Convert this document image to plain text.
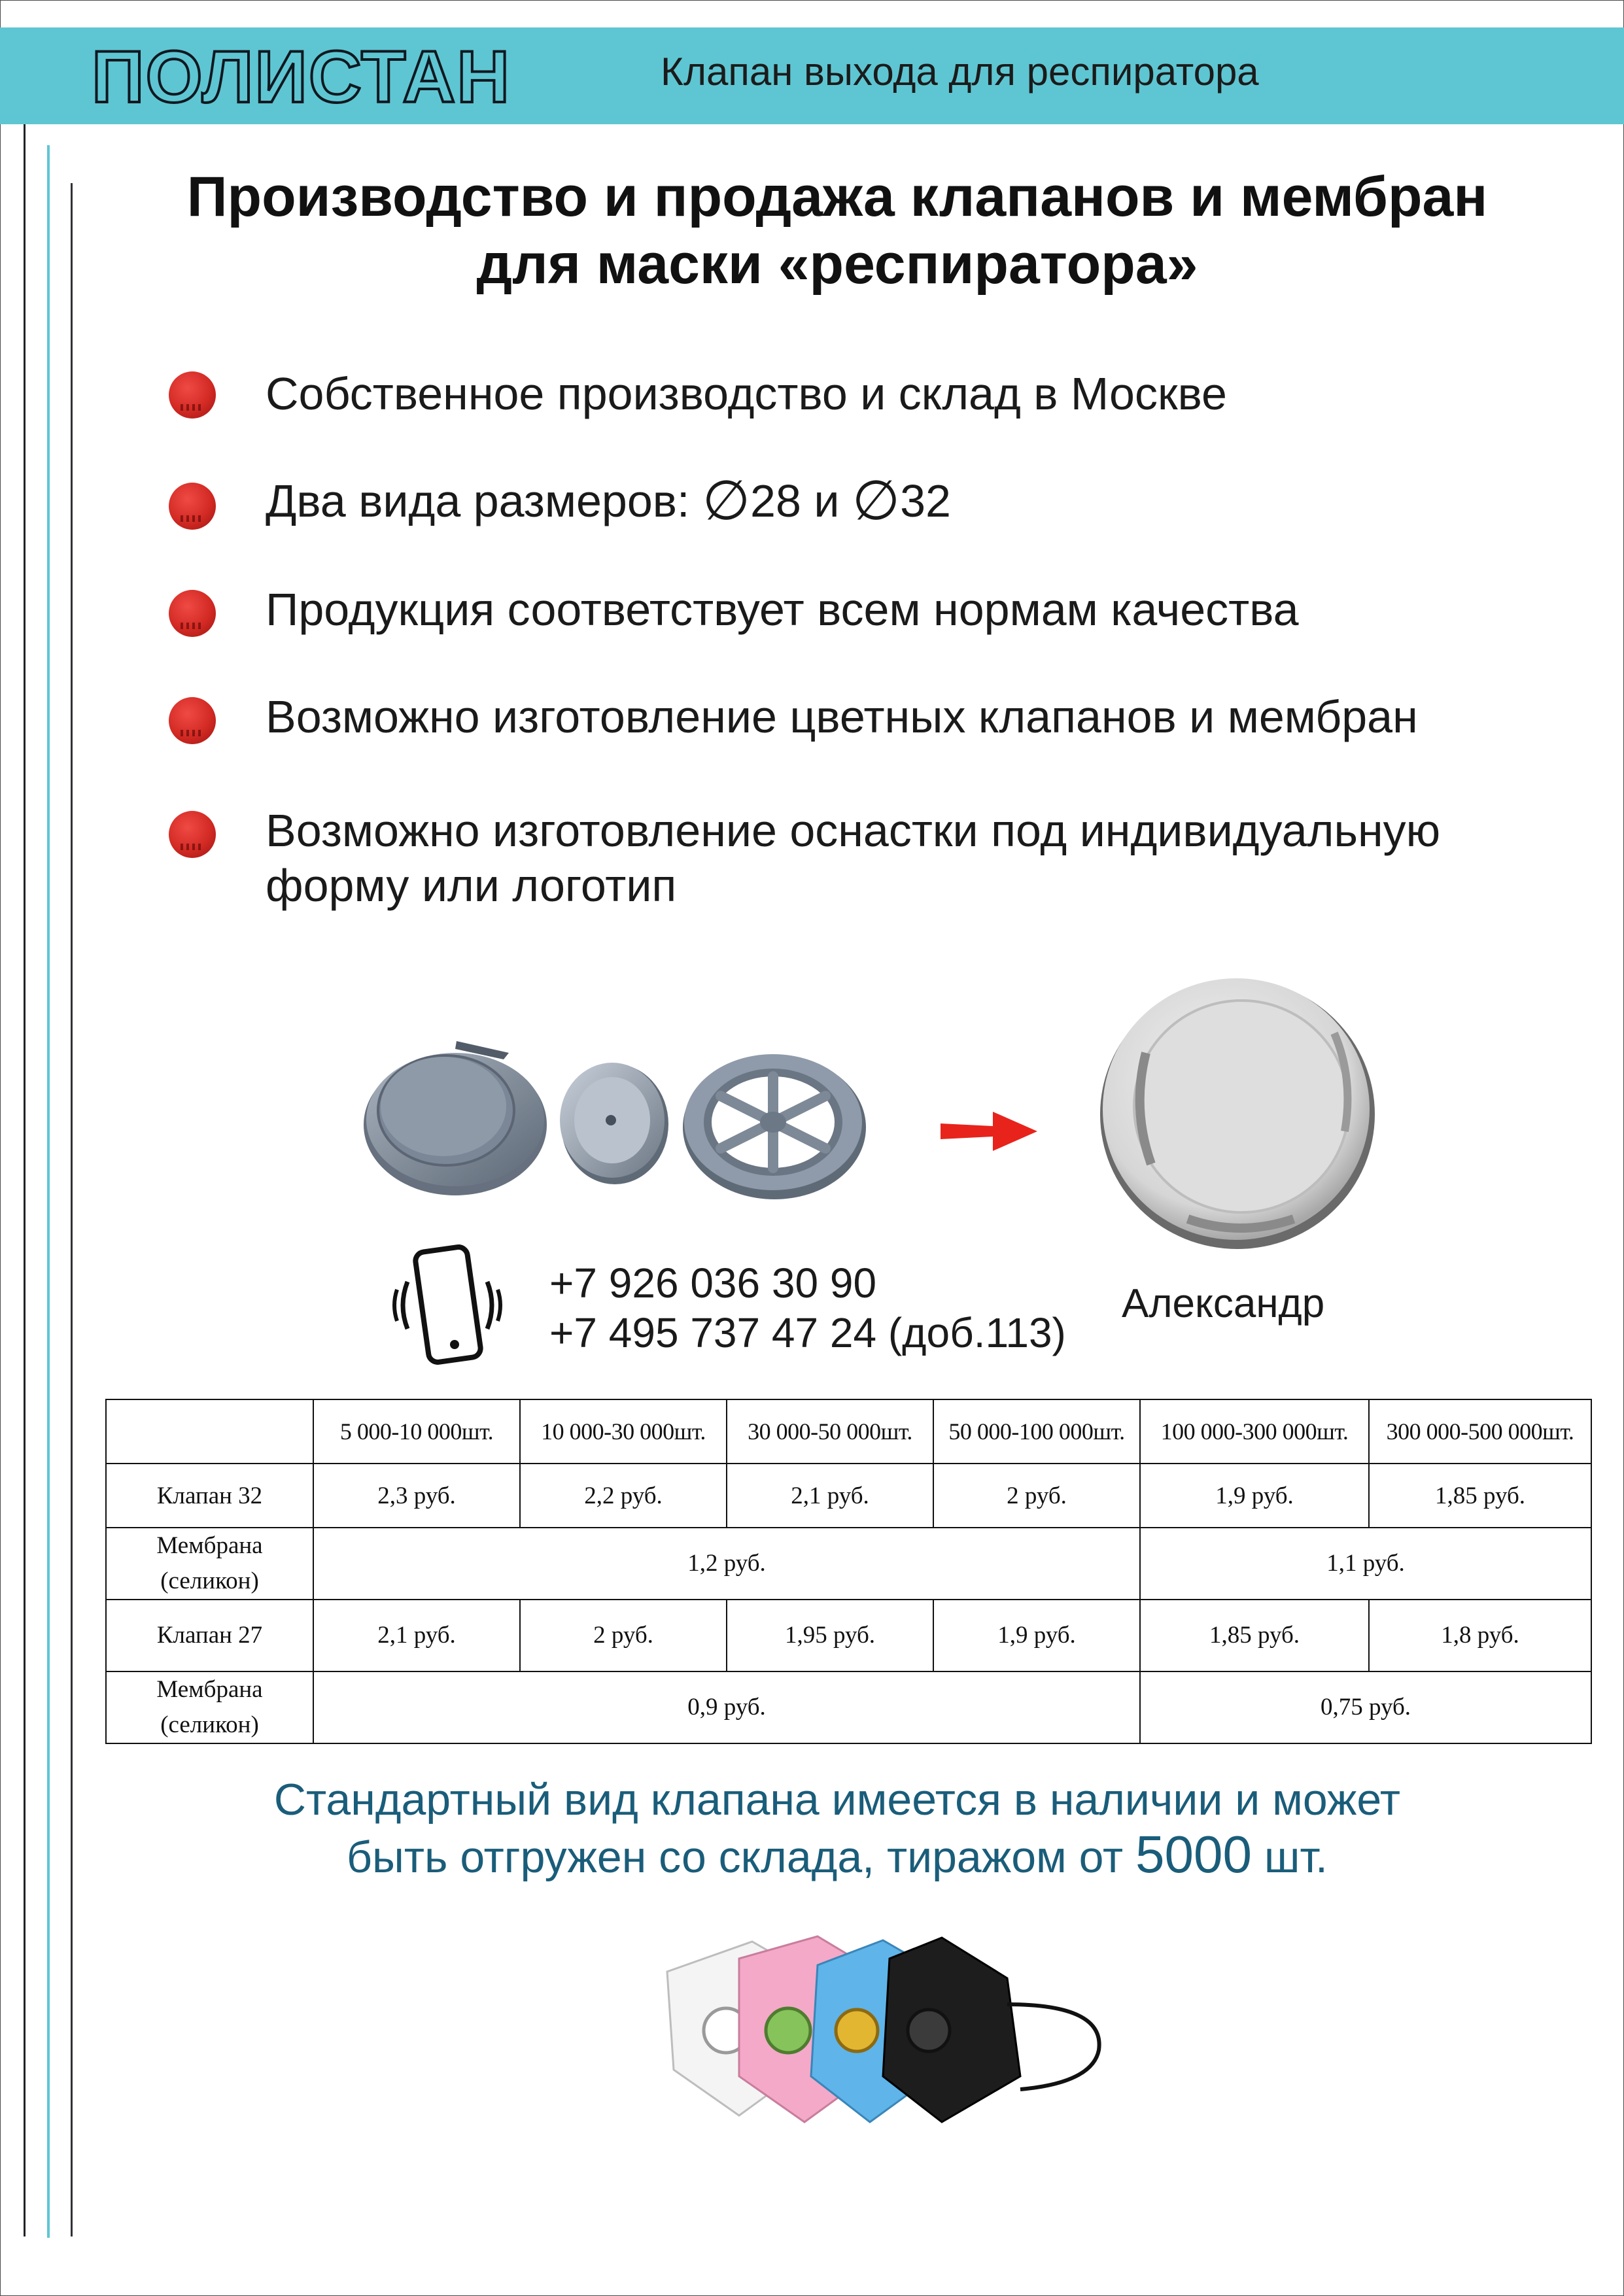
ПОЛИСТАН	Клапан выхода для респиратора
Производство и продажа клапанов и мембран
для маски «респиратора»
Собственное производство и склад в Москве
Два вида размеров: ∅28 и ∅32
Продукция соответствует всем нормам качества
Возможно изготовление цветных клапанов и мембран
Возможно изготовление оснастки под индивидуальную
форму или логотип
+7 926 036 30 90
+7 495 737 47 24 (доб.113)
Александр
	5 000-10 000шт.	10 000-30 000шт.	30 000-50 000шт.	50 000-100 000шт.	100 000-300 000шт.	300 000-500 000шт.
Клапан 32	2,3 руб.	2,2 руб.	2,1 руб.	2 руб.	1,9 руб.	1,85 руб.

Мембрана
(селикон)	1,2 руб.				1,1 руб.	
Клапан 27	2,1 руб.	2 руб.	1,95 руб.	1,9 руб.	1,85 руб.	1,8 руб.

Мембрана
(селикон)	0,9 руб.				0,75 руб.	
Стандартный вид клапана имеется в наличии и может
быть отгружен со склада, тиражом от 5000 шт.
